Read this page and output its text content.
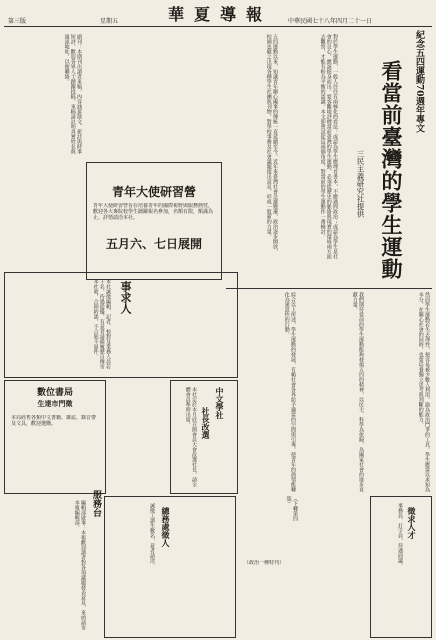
華夏導報
第三版	星期五	中華民國七十八年四月二十一日
紀念五四運動70週年專文
看當前臺灣的學生運動
三民主義研究社提供
對於學生運動，一般人往往有兩極化的看法：或認為學生應埋首書本，不應過問政治；或認為學生是社會的良心，應該挺身而出。要客觀地評價當前臺灣的學生運動，必須從歷史的脈絡與現實的環境兩方面去觀察，才能有較為平衡的認識。本文即嘗試從這兩個角度，對當前的學生運動作一番檢討。
五四運動以來，知識青年關心國事的傳統一直延續至今。近年來臺灣社會急遽變遷，政治逐步開放，校園也隨之出現各種學生社團與刊物，對學校事務及社會議題提出意見，形成一股新的力量。
然而學生運動若失去理性，便容易被少數人利用，淪為政治鬥爭的工具。學生應當以求知為本分，在關心社會的同時，也要培養獨立思考與判斷的能力。
我們期待當前的學生運動能夠發揚五四的精神，以民主、科學為依歸，為國家社會的進步貢獻力量。
綜合以上所述，學生運動的發展，有賴社會各界給予適當的空間與引導，使青年的熱情能轉化為建設性的行動。
（下轉第四版）
（政治一種特刊）
青年大使研習營
五月六、七日展開
青年大使研習營旨在培養青年的國際視野與服務熱忱，歡迎各大專院校學生踴躍報名參加，名額有限，額滿為止，詳情請洽本社。
事求人
本社誠徵編輯、記者、校對及業務人員若干名，待遇從優，有意者請備履歷自傳寄本社收，合則約談，不合恕不退件。
副刊：本期刊出讀者來稿，內容涵蓋散文、新詩與時事短評，歡迎各界人士踴躍投稿，來稿請註明真實姓名與通訊地址，以便聯絡。
數位書局
生達市門徵
本局經售各類中文書籍、雜誌、錄音帶及文具，歡迎選購。
中文學社
社長改選
本社定於本月底召開會員大會改選社長，請全體會員準時出席。
服務台
總務處徵人
誠徵工讀生數名，意者請洽。	徵求人才
事務員、打字員，待遇面議。
編輯部啟事：本報歡迎讀者對各項議題發表意見，來函請寄本報編輯部。
